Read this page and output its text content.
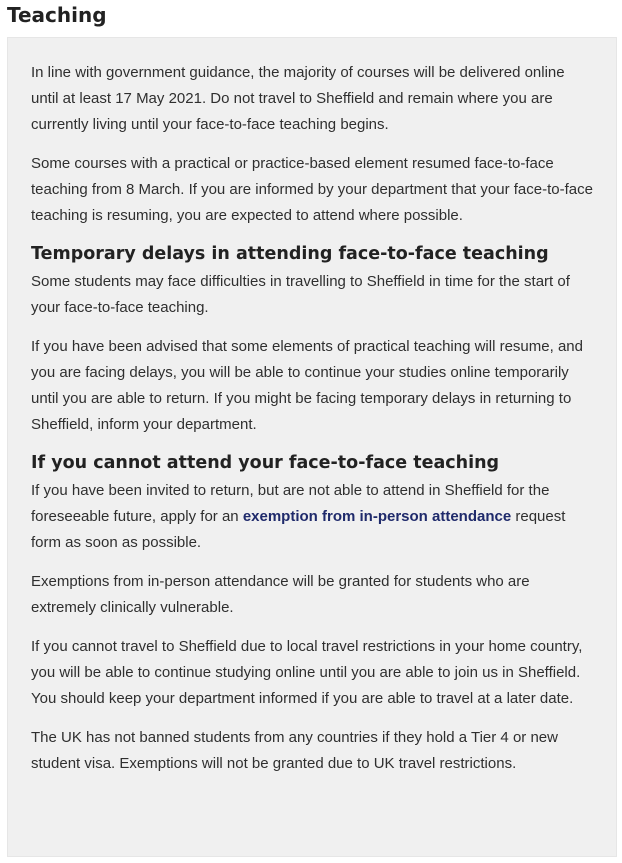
Teaching

In line with government guidance, the majority of courses will be delivered online until at least 17 May 2021. Do not travel to Sheffield and remain where you are currently living until your face-to-face teaching begins.

Some courses with a practical or practice-based element resumed face-to-face teaching from 8 March. If you are informed by your department that your face-to-face teaching is resuming, you are expected to attend where possible.

Temporary delays in attending face-to-face teaching

Some students may face difficulties in travelling to Sheffield in time for the start of your face-to-face teaching.

If you have been advised that some elements of practical teaching will resume, and you are facing delays, you will be able to continue your studies online temporarily until you are able to return. If you might be facing temporary delays in returning to Sheffield, inform your department.

If you cannot attend your face-to-face teaching

If you have been invited to return, but are not able to attend in Sheffield for the foreseeable future, apply for an exemption from in-person attendance request form as soon as possible.

Exemptions from in-person attendance will be granted for students who are extremely clinically vulnerable.

If you cannot travel to Sheffield due to local travel restrictions in your home country, you will be able to continue studying online until you are able to join us in Sheffield. You should keep your department informed if you are able to travel at a later date.

The UK has not banned students from any countries if they hold a Tier 4 or new student visa. Exemptions will not be granted due to UK travel restrictions.
